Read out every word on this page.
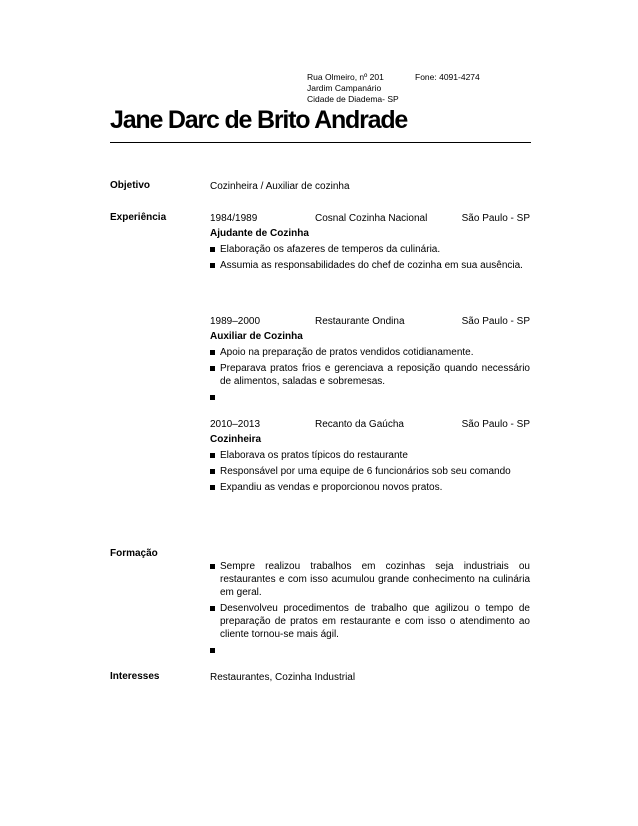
Rua Olmeiro, nº 201	Fone: 4091-4274
Jardim Campanário
Cidade de Diadema- SP
Jane Darc de Brito Andrade
Objetivo	Cozinheira / Auxiliar de cozinha
Experiência	1984/1989	Cosnal Cozinha Nacional	São Paulo - SP
Ajudante de Cozinha
Elaboração os afazeres de temperos da culinária.
Assumia as responsabilidades do chef de cozinha em sua ausência.
1989–2000	Restaurante Ondina	São Paulo - SP
Auxiliar de Cozinha
Apoio na preparação de pratos vendidos cotidianamente.
Preparava pratos frios e gerenciava a reposição quando necessário de alimentos, saladas e sobremesas.
2010–2013	Recanto da Gaúcha	São Paulo - SP
Cozinheira
Elaborava os pratos típicos do restaurante
Responsável por uma equipe de 6 funcionários sob seu comando
Expandiu as vendas e proporcionou novos pratos.
Formação
Sempre realizou trabalhos em cozinhas seja industriais ou restaurantes e com isso acumulou grande conhecimento na culinária em geral.
Desenvolveu procedimentos de trabalho que agilizou o tempo de preparação de pratos em restaurante e com isso o atendimento ao cliente tornou-se mais ágil.
Interesses	Restaurantes, Cozinha Industrial
